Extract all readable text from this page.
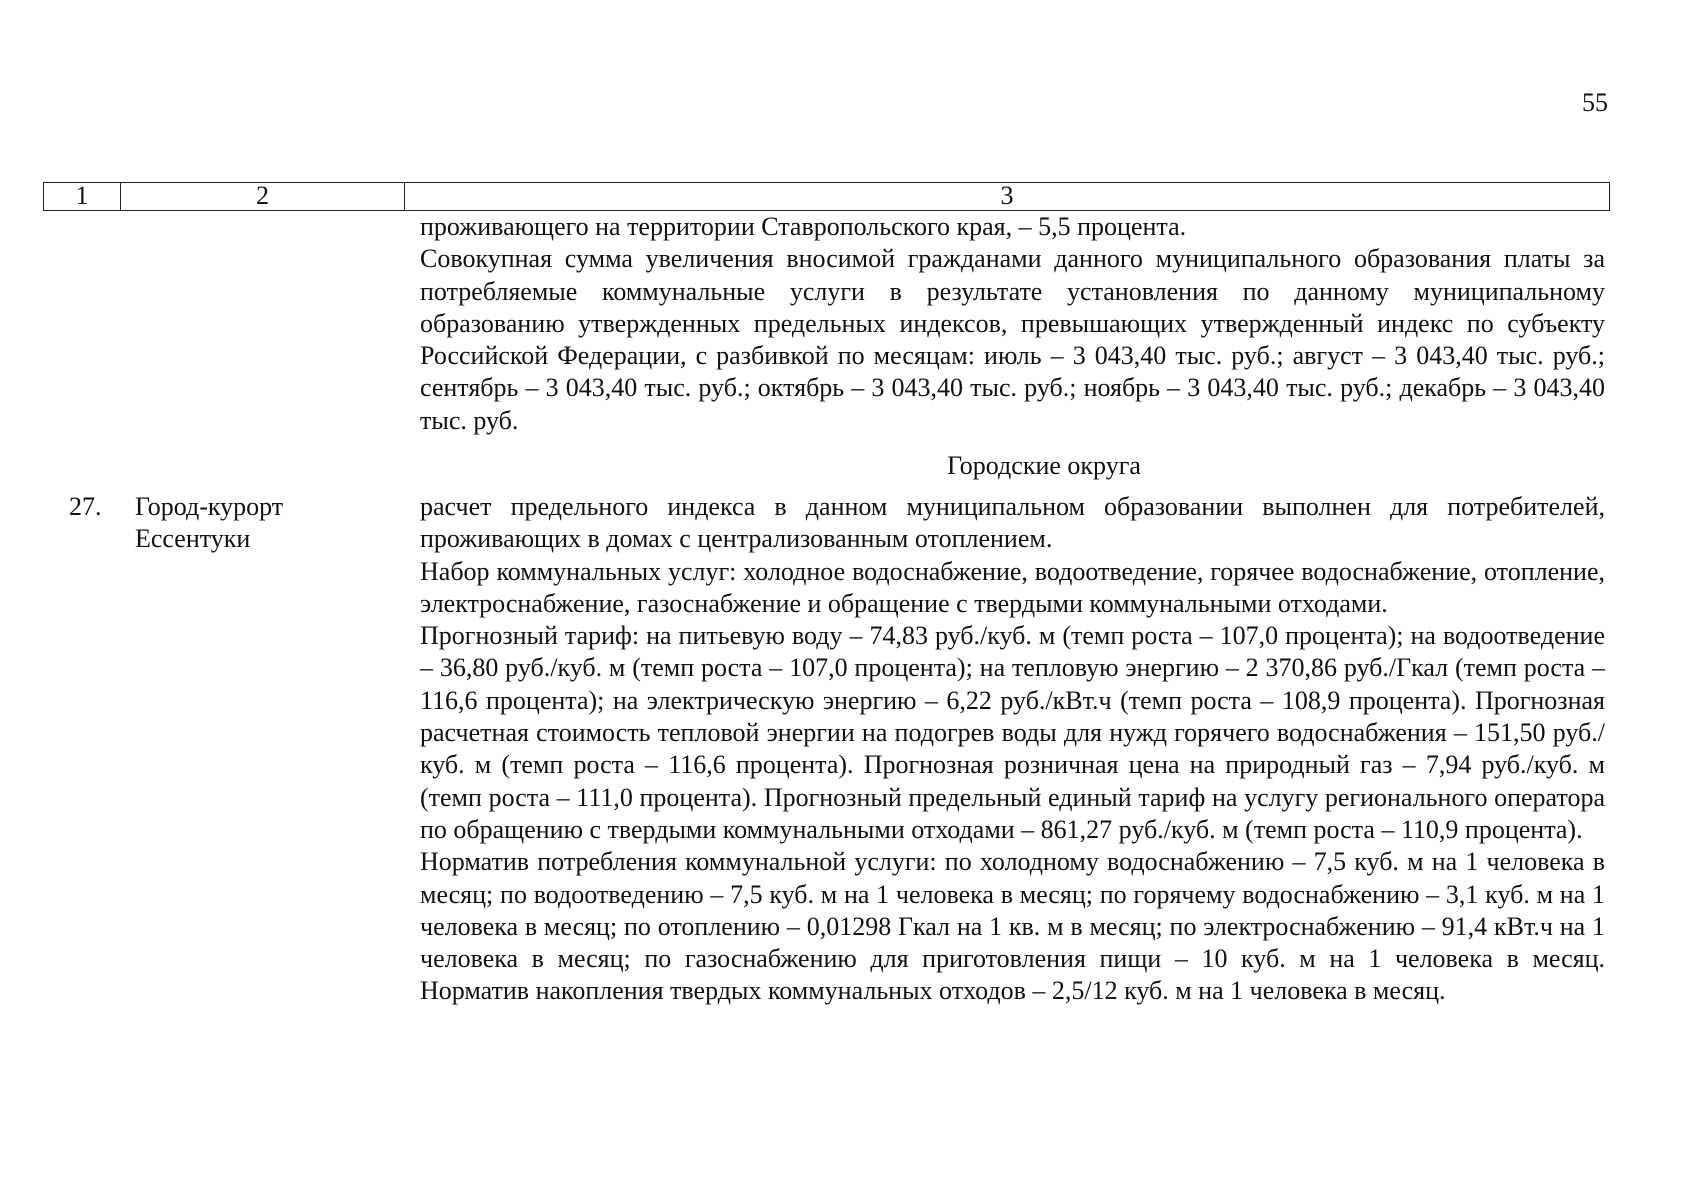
55
1	2	3

проживающего на территории Ставропольского края, – 5,5 процента.

Совокупная сумма увеличения вносимой гражданами данного муниципального образования платы за потребляемые коммунальные услуги в результате установления по данному муниципальному образованию утвержденных предельных индексов, превышающих утвержденный индекс по субъекту Российской Федерации, с разбивкой по месяцам: июль – 3 043,40 тыс. руб.; август – 3 043,40 тыс. руб.; сентябрь – 3 043,40 тыс. руб.; октябрь – 3 043,40 тыс. руб.; ноябрь – 3 043,40 тыс. руб.; декабрь – 3 043,40 тыс. руб.

Городские округа
27. Город-курорт Ессентуки

расчет предельного индекса в данном муниципальном образовании выполнен для потребителей, проживающих в домах с централизованным отоплением.

Набор коммунальных услуг: холодное водоснабжение, водоотведение, горячее водоснабжение, отопление, электроснабжение, газоснабжение и обращение с твердыми коммунальными отходами.

Прогнозный тариф: на питьевую воду – 74,83 руб./куб. м (темп роста – 107,0 процента); на водоотведение – 36,80 руб./куб. м (темп роста – 107,0 процента); на тепловую энергию – 2 370,86 руб./Гкал (темп роста – 116,6 процента); на электрическую энергию – 6,22 руб./кВт.ч (темп роста – 108,9 процента). Прогнозная расчетная стоимость тепловой энергии на подогрев воды для нужд горячего водоснабжения – 151,50 руб./куб. м (темп роста – 116,6 процента). Прогнозная розничная цена на природный газ – 7,94 руб./куб. м (темп роста – 111,0 процента). Прогнозный предельный единый тариф на услугу регионального оператора по обращению с твердыми коммунальными отходами – 861,27 руб./куб. м (темп роста – 110,9 процента).

Норматив потребления коммунальной услуги: по холодному водоснабжению – 7,5 куб. м на 1 человека в месяц; по водоотведению – 7,5 куб. м на 1 человека в месяц; по горячему водоснабжению – 3,1 куб. м на 1 человека в месяц; по отоплению – 0,01298 Гкал на 1 кв. м в месяц; по электроснабжению – 91,4 кВт.ч на 1 человека в месяц; по газоснабжению для приготовления пищи – 10 куб. м на 1 человека в месяц. Норматив накопления твердых коммунальных отходов – 2,5/12 куб. м на 1 человека в месяц.
